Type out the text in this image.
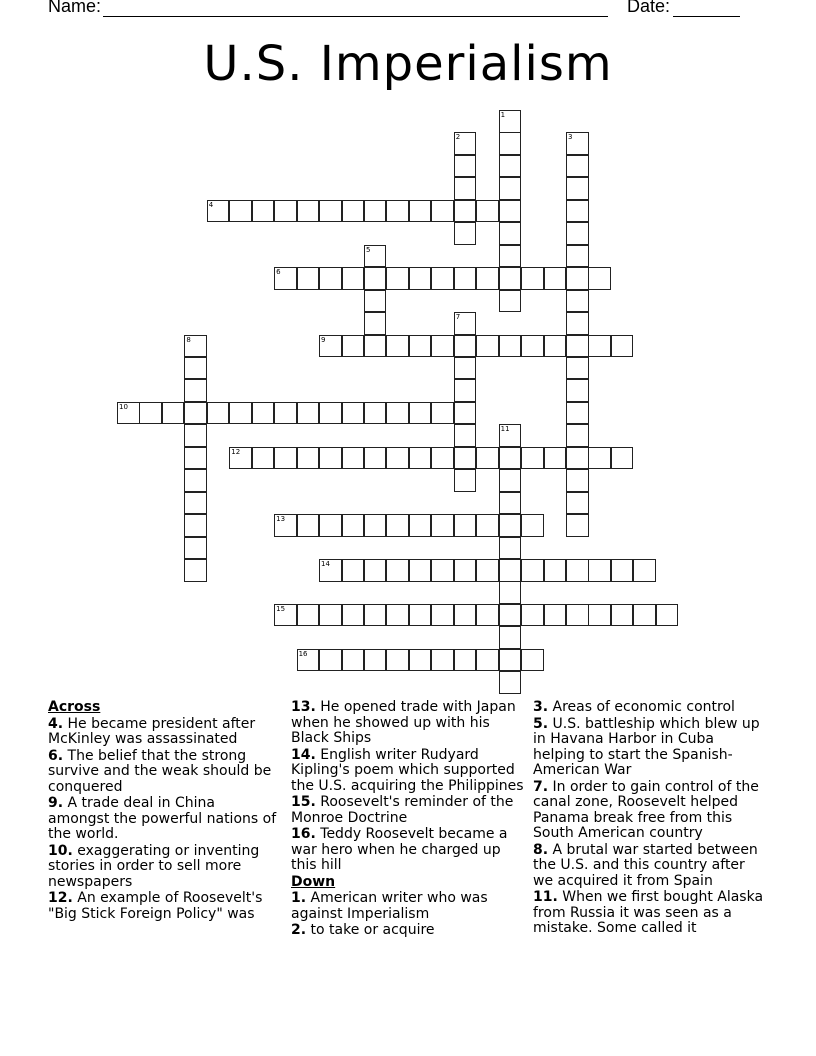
Name:	Date:
U.S. Imperialism
1
2	3
4
5
6
7
8	9
10
11
12
13
14
15
16
Across
4. He became president after McKinley was assassinated
6. The belief that the strong survive and the weak should be conquered
9. A trade deal in China amongst the powerful nations of the world.
10. exaggerating or inventing stories in order to sell more newspapers
12. An example of Roosevelt's "Big Stick Foreign Policy" was
13. He opened trade with Japan when he showed up with his Black Ships
14. English writer Rudyard Kipling's poem which supported the U.S. acquiring the Philippines
15. Roosevelt's reminder of the Monroe Doctrine
16. Teddy Roosevelt became a war hero when he charged up this hill
Down
1. American writer who was against Imperialism
2. to take or acquire
3. Areas of economic control
5. U.S. battleship which blew up in Havana Harbor in Cuba helping to start the Spanish-American War
7. In order to gain control of the canal zone, Roosevelt helped Panama break free from this South American country
8. A brutal war started between the U.S. and this country after we acquired it from Spain
11. When we first bought Alaska from Russia it was seen as a mistake. Some called it
